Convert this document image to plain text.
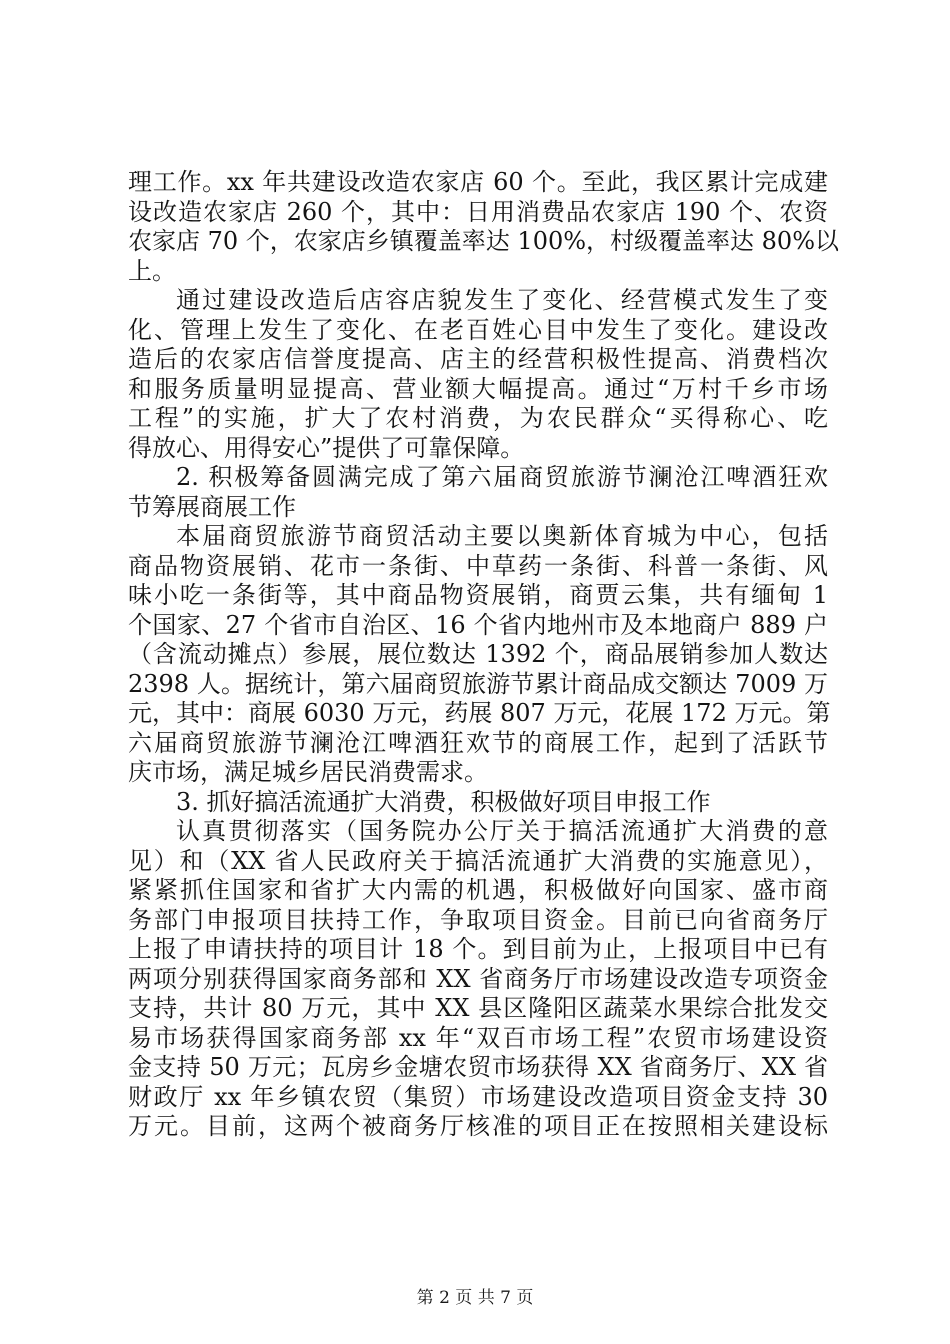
理工作。xx 年共建设改造农家店 60 个。至此，我区累计完成建
设改造农家店 260 个，其中：日用消费品农家店 190 个、农资
农家店 70 个，农家店乡镇覆盖率达 100%，村级覆盖率达 80%以
上。
通过建设改造后店容店貌发生了变化、经营模式发生了变
化、管理上发生了变化、在老百姓心目中发生了变化。建设改
造后的农家店信誉度提高、店主的经营积极性提高、消费档次
和服务质量明显提高、营业额大幅提高。通过“万村千乡市场
工程”的实施，扩大了农村消费，为农民群众“买得称心、吃
得放心、用得安心”提供了可靠保障。
2. 积极筹备圆满完成了第六届商贸旅游节澜沧江啤酒狂欢
节筹展商展工作
本届商贸旅游节商贸活动主要以奥新体育城为中心，包括
商品物资展销、花市一条街、中草药一条街、科普一条街、风
味小吃一条街等，其中商品物资展销，商贾云集，共有缅甸 1
个国家、27 个省市自治区、16 个省内地州市及本地商户 889 户
（含流动摊点）参展，展位数达 1392 个，商品展销参加人数达
2398 人。据统计，第六届商贸旅游节累计商品成交额达 7009 万
元，其中：商展 6030 万元，药展 807 万元，花展 172 万元。第
六届商贸旅游节澜沧江啤酒狂欢节的商展工作，起到了活跃节
庆市场，满足城乡居民消费需求。
3. 抓好搞活流通扩大消费，积极做好项目申报工作
认真贯彻落实（国务院办公厅关于搞活流通扩大消费的意
见）和（XX 省人民政府关于搞活流通扩大消费的实施意见），
紧紧抓住国家和省扩大内需的机遇，积极做好向国家、盛市商
务部门申报项目扶持工作，争取项目资金。目前已向省商务厅
上报了申请扶持的项目计 18 个。到目前为止，上报项目中已有
两项分别获得国家商务部和 XX 省商务厅市场建设改造专项资金
支持，共计 80 万元，其中 XX 县区隆阳区蔬菜水果综合批发交
易市场获得国家商务部 xx 年“双百市场工程”农贸市场建设资
金支持 50 万元；瓦房乡金塘农贸市场获得 XX 省商务厅、XX 省
财政厅 xx 年乡镇农贸（集贸）市场建设改造项目资金支持 30
万元。目前，这两个被商务厅核准的项目正在按照相关建设标
第 2 页 共 7 页
